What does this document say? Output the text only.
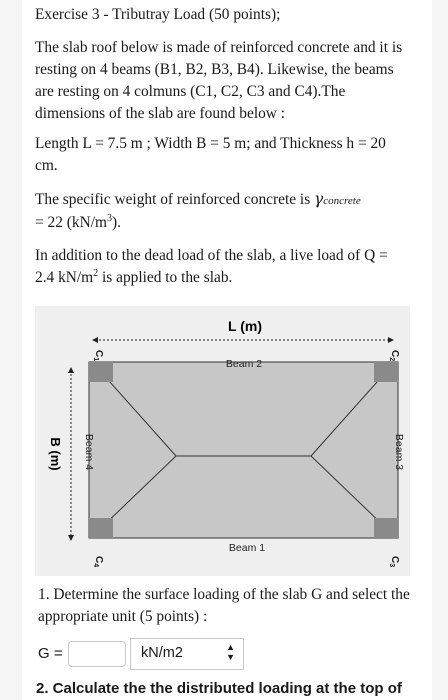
Exercise 3 - Tributray Load (50 points);

The slab roof below is made of reinforced concrete and it is resting on 4 beams (B1, B2, B3, B4). Likewise, the beams are resting on 4 colmuns (C1, C2, C3 and C4).The dimensions of the slab are found below :

Length L = 7.5 m ; Width B = 5 m; and Thickness h = 20 cm.

The specific weight of reinforced concrete is γconcrete
= 22 $(kN/m^3)$.

In addition to the dead load of the slab, a live load of Q = 2.4 $kN/m^2$ is applied to the slab.

L (m)
B (m)
$C_1$
$C_2$
$C_4$
$C_3$
Beam 2
Beam 1
Beam 4	Beam 3
1. Determine the surface loading of the slab G and select the appropriate unit (5 points) :
G =	kN/m2	▲
▼
2. Calculate the the distributed loading at the top of
